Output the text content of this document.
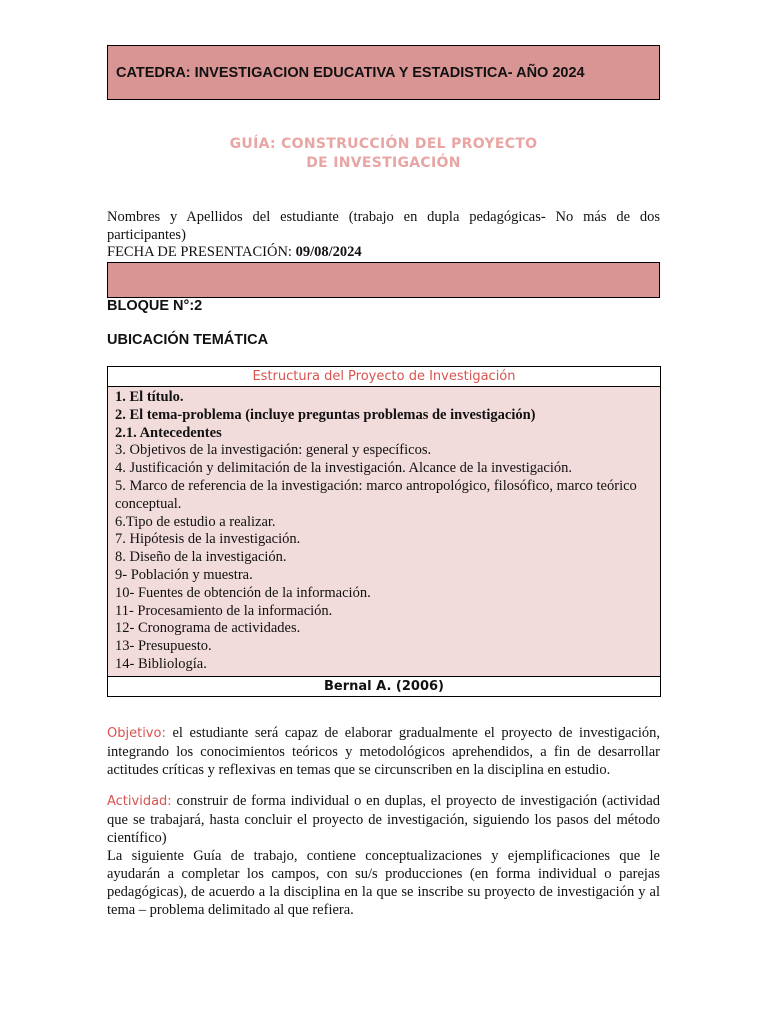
CATEDRA: INVESTIGACION EDUCATIVA Y ESTADISTICA- AÑO 2024
GUÍA: CONSTRUCCIÓN DEL PROYECTO
DE INVESTIGACIÓN
Nombres y Apellidos del estudiante (trabajo en dupla pedagógicas- No más de dos participantes)
FECHA DE PRESENTACIÓN: 09/08/2024
BLOQUE N°:2
UBICACIÓN TEMÁTICA
Estructura del Proyecto de Investigación
1. El título.
2. El tema-problema (incluye preguntas problemas de investigación)
2.1. Antecedentes
3. Objetivos de la investigación: general y específicos.
4. Justificación y delimitación de la investigación. Alcance de la investigación.
5. Marco de referencia de la investigación: marco antropológico, filosófico, marco teórico conceptual.
6.Tipo de estudio a realizar.
7. Hipótesis de la investigación.
8. Diseño de la investigación.
9- Población y muestra.
10- Fuentes de obtención de la información.
11- Procesamiento de la información.
12- Cronograma de actividades.
13- Presupuesto.
14- Bibliología.
Bernal A. (2006)
Objetivo: el estudiante será capaz de elaborar gradualmente el proyecto de investigación, integrando los conocimientos teóricos y metodológicos aprehendidos, a fin de desarrollar actitudes críticas y reflexivas en temas que se circunscriben en la disciplina en estudio.
Actividad: construir de forma individual o en duplas, el proyecto de investigación (actividad que se trabajará, hasta concluir el proyecto de investigación, siguiendo los pasos del método científico)
La siguiente Guía de trabajo, contiene conceptualizaciones y ejemplificaciones que le ayudarán a completar los campos, con su/s producciones (en forma individual o parejas pedagógicas), de acuerdo a la disciplina en la que se inscribe su proyecto de investigación y al tema – problema delimitado al que refiera.
